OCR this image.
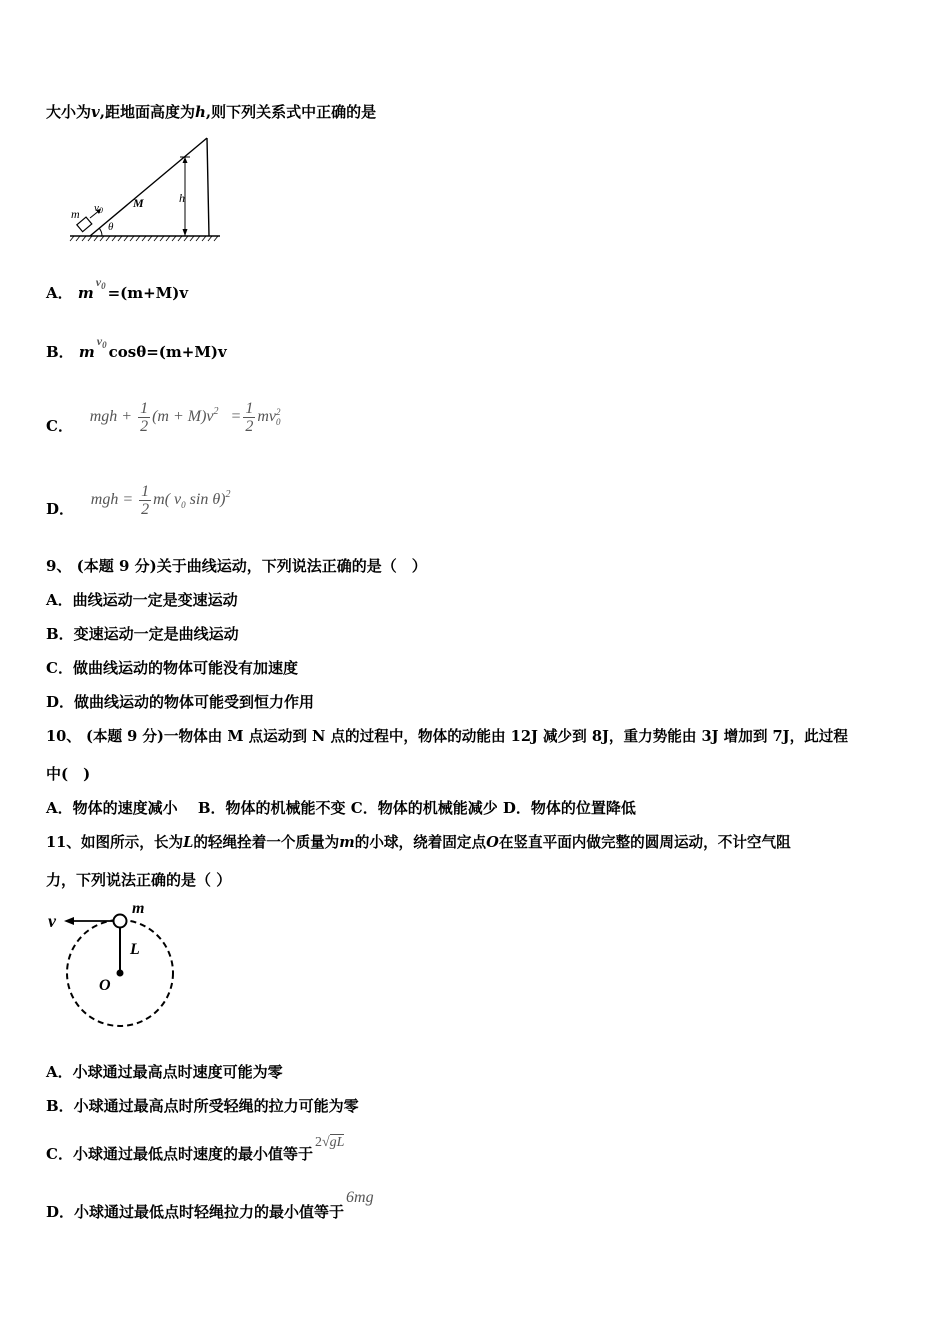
大小为v,距地面高度为h,则下列关系式中正确的是
m v0
M	h
θ
A． $m^{v_0} =(m+M)v$
B． $m^{v_0}$ cosθ=(m+M)v
C． mgh + $\frac{1}{2} (m + M)v^2 = \frac{1}{2}$ mv 2
0
D． mgh = $\frac{1}{2} m$( $v_0$ sin θ)$^2$
9、 (本题 9 分)关于曲线运动，下列说法正确的是（　）
A．曲线运动一定是变速运动
B．变速运动一定是曲线运动
C．做曲线运动的物体可能没有加速度
D．做曲线运动的物体可能受到恒力作用
10、 (本题 9 分)一物体由 M 点运动到 N 点的过程中，物体的动能由 12J 减少到 8J，重力势能由 3J 增加到 7J，此过程
中(　)
A．物体的速度减小　 B．物体的机械能不变 C．物体的机械能减少 D．物体的位置降低
11、如图所示，长为L的轻绳拴着一个质量为m的小球，绕着固定点O在竖直平面内做完整的圆周运动，不计空气阻
力，下列说法正确的是（ ）
v
m
L
O
A．小球通过最高点时速度可能为零
B．小球通过最高点时所受轻绳的拉力可能为零
C．小球通过最低点时速度的最小值等于2√gL
D．小球通过最低点时轻绳拉力的最小值等于6mg
